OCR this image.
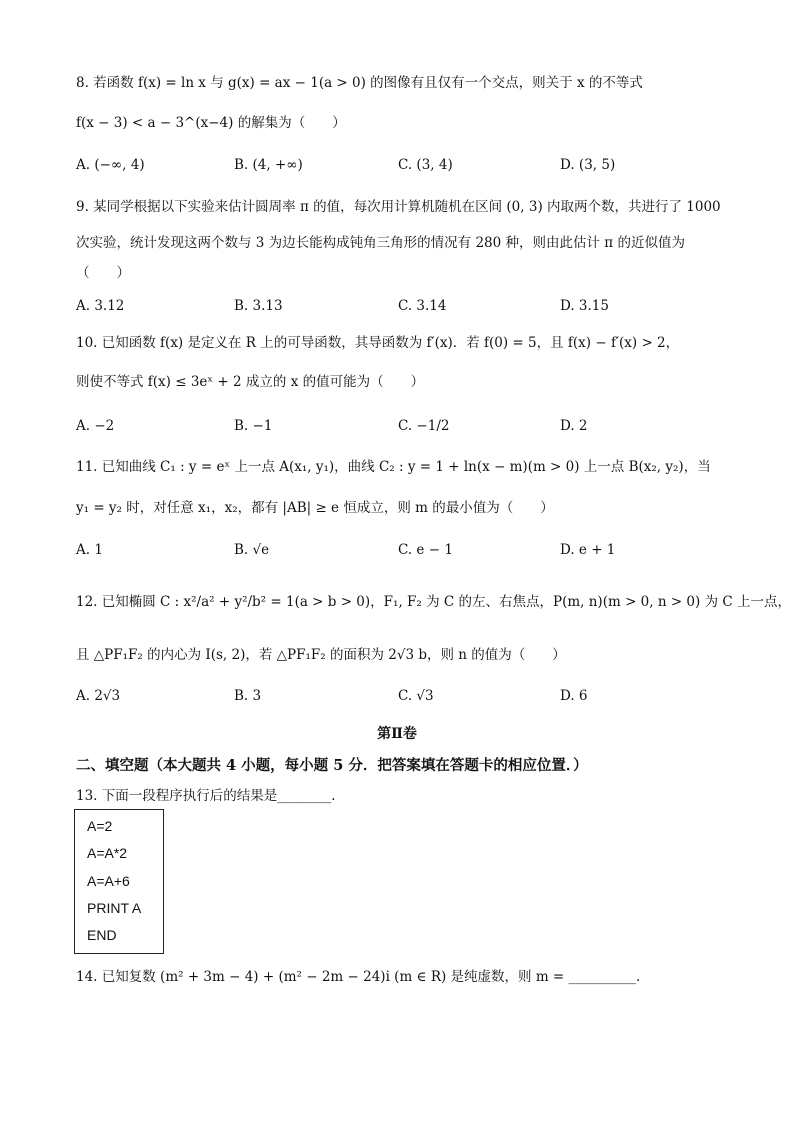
8. 若函数 f(x) = ln x 与 g(x) = ax − 1(a > 0) 的图像有且仅有一个交点，则关于 x 的不等式
f(x − 3) < a − 3^(x−4) 的解集为（　　）
A. (−∞, 4)	B. (4, +∞)	C. (3, 4)	D. (3, 5)
9. 某同学根据以下实验来估计圆周率 π 的值，每次用计算机随机在区间 (0, 3) 内取两个数，共进行了 1000
次实验，统计发现这两个数与 3 为边长能构成钝角三角形的情况有 280 种，则由此估计 π 的近似值为
（　　）
A. 3.12	B. 3.13	C. 3.14	D. 3.15
10. 已知函数 f(x) 是定义在 R 上的可导函数，其导函数为 f′(x)．若 f(0) = 5，且 f(x) − f′(x) > 2，
则使不等式 f(x) ≤ 3eˣ + 2 成立的 x 的值可能为（　　）
A. −2	B. −1	C. −1/2	D. 2
11. 已知曲线 C₁ : y = eˣ 上一点 A(x₁, y₁)，曲线 C₂ : y = 1 + ln(x − m)(m > 0) 上一点 B(x₂, y₂)，当
y₁ = y₂ 时，对任意 x₁，x₂，都有 |AB| ≥ e 恒成立，则 m 的最小值为（　　）
A. 1	B. √e	C. e − 1	D. e + 1
12. 已知椭圆 C : x²/a² + y²/b² = 1(a > b > 0)，F₁, F₂ 为 C 的左、右焦点，P(m, n)(m > 0, n > 0) 为 C 上一点，
且 △PF₁F₂ 的内心为 I(s, 2)，若 △PF₁F₂ 的面积为 2√3 b，则 n 的值为（　　）
A. 2√3	B. 3	C. √3	D. 6
第Ⅱ卷
二、填空题（本大题共 4 小题，每小题 5 分．把答案填在答题卡的相应位置．）
13. 下面一段程序执行后的结果是________.
A=2
A=A*2
A=A+6
PRINT A
END
14. 已知复数 (m² + 3m − 4) + (m² − 2m − 24)i (m ∈ R) 是纯虚数，则 m = __________.
